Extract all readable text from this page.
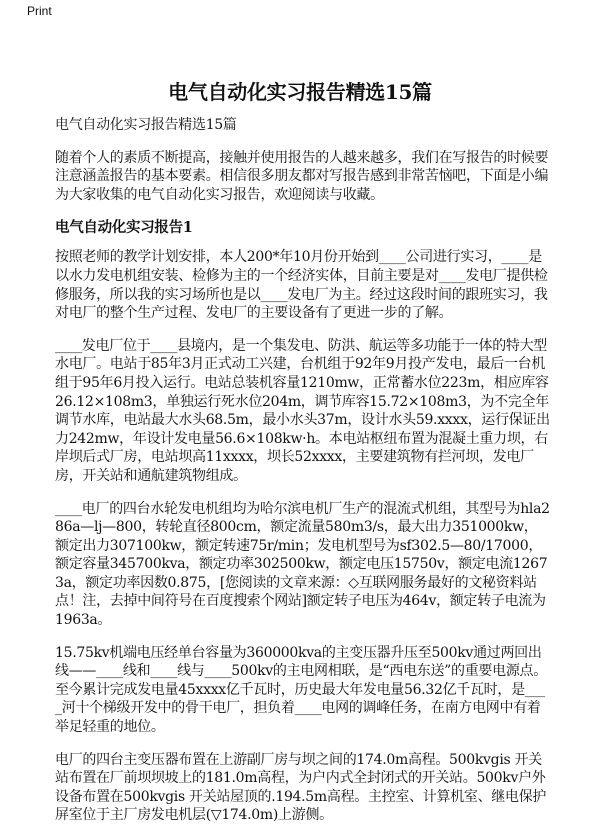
Print
电气自动化实习报告精选15篇

电气自动化实习报告精选15篇

随着个人的素质不断提高，接触并使用报告的人越来越多，我们在写报告的时候要注意涵盖报告的基本要素。相信很多朋友都对写报告感到非常苦恼吧，下面是小编为大家收集的电气自动化实习报告，欢迎阅读与收藏。

电气自动化实习报告1

按照老师的教学计划安排，本人200*年10月份开始到____公司进行实习，____是以水力发电机组安装、检修为主的一个经济实体，目前主要是对____发电厂提供检修服务，所以我的实习场所也是以____发电厂为主。经过这段时间的跟班实习，我对电厂的整个生产过程、发电厂的主要设备有了更进一步的了解。

____发电厂位于____县境内，是一个集发电、防洪、航运等多功能于一体的特大型水电厂。电站于85年3月正式动工兴建，台机组于92年9月投产发电，最后一台机组于95年6月投入运行。电站总装机容量1210mw，正常蓄水位223m，相应库容26.12×108m3，单独运行死水位204m，调节库容15.72×108m3，为不完全年调节水库，电站最大水头68.5m，最小水头37m，设计水头59.xxxx，运行保证出力242mw，年设计发电量56.6×108kw·h。本电站枢纽布置为混凝土重力坝，右岸坝后式厂房，电站坝高11xxxx，坝长52xxxx，主要建筑物有拦河坝，发电厂房，开关站和通航建筑物组成。

____电厂的四台水轮发电机组均为哈尔滨电机厂生产的混流式机组，其型号为hla286a—lj—800，转轮直径800cm，额定流量580m3/s，最大出力351000kw，额定出力307100kw，额定转速75r/min；发电机型号为sf302.5—80/17000，额定容量345700kva，额定功率302500kw，额定电压15750v，额定电流12673a，额定功率因数0.875，[您阅读的文章来源：◇互联网服务最好的文秘资料站点！注，去掉中间符号在百度搜索个网站]额定转子电压为464v，额定转子电流为1963a。

15.75kv机端电压经单台容量为360000kva的主变压器升压至500kv通过两回出线——____线和____线与____500kv的主电网相联，是“西电东送”的重要电源点。至今累计完成发电量45xxxx亿千瓦时，历史最大年发电量56.32亿千瓦时，是____河十个梯级开发中的骨干电厂，担负着____电网的调峰任务，在南方电网中有着举足轻重的地位。

电厂的四台主变压器布置在上游副厂房与坝之间的174.0m高程。500kvgis 开关站布置在厂前坝坝坡上的181.0m高程，为户内式全封闭式的开关站。500kv户外设备布置在500kvgis 开关站屋顶的.194.5m高程。主控室、计算机室、继电保护屏室位于主厂房发电机层(▽174.0m)上游侧。
